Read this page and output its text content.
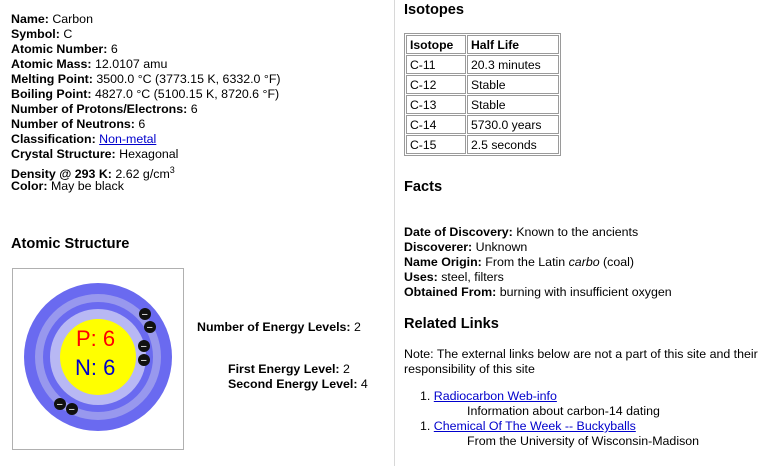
Name: Carbon
Symbol: C
Atomic Number: 6
Atomic Mass: 12.0107 amu
Melting Point: 3500.0 °C (3773.15 K, 6332.0 °F)
Boiling Point: 4827.0 °C (5100.15 K, 8720.6 °F)
Number of Protons/Electrons: 6
Number of Neutrons: 6
Classification: Non-metal
Crystal Structure: Hexagonal
Density @ 293 K: 2.62 $g/cm^3$
Color: May be black
Atomic Structure
P: 6
N: 6
−
−
−
−
− −
Number of Energy Levels: 2
First Energy Level: 2
Second Energy Level: 4
Isotopes
Isotope	Half Life
C-11	20.3 minutes
C-12	Stable
C-13	Stable
C-14	5730.0 years
C-15	2.5 seconds
Facts
Date of Discovery: Known to the ancients
Discoverer: Unknown
Name Origin: From the Latin carbo (coal)
Uses: steel, filters
Obtained From: burning with insufficient oxygen
Related Links
Note: The external links below are not a part of this site and their responsibility of this site
1. Radiocarbon Web-info
Information about carbon-14 dating
1. Chemical Of The Week -- Buckyballs
From the University of Wisconsin-Madison
